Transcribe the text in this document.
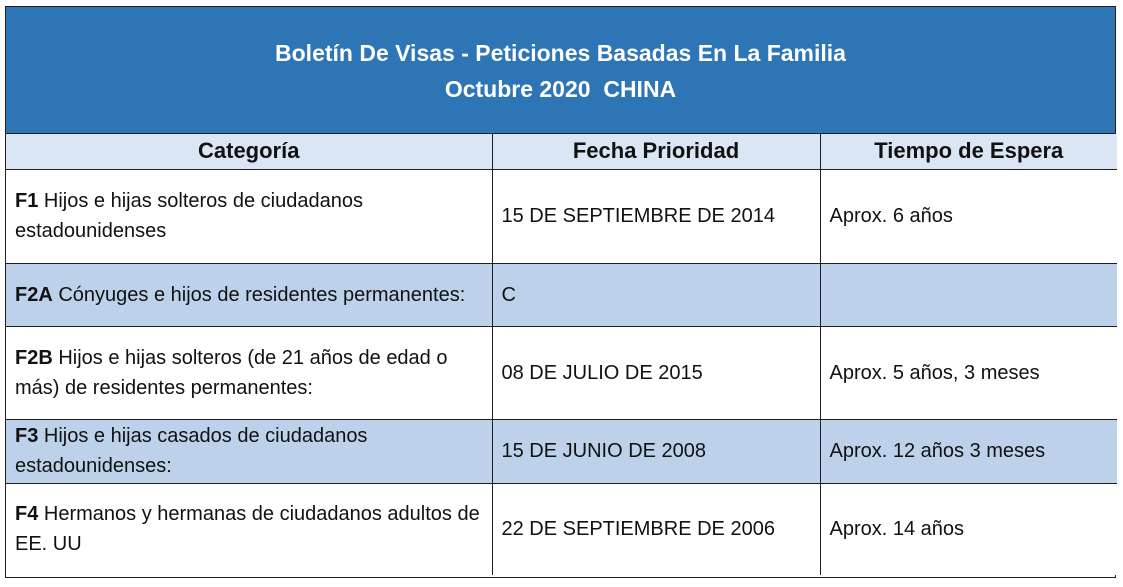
Boletín De Visas - Peticiones Basadas En La Familia
Octubre 2020  CHINA
Categoría	Fecha Prioridad	Tiempo de Espera
F1 Hijos e hijas solteros de ciudadanos estadounidenses	15 DE SEPTIEMBRE DE 2014	Aprox. 6 años
F2A Cónyuges e hijos de residentes permanentes:	C	
F2B Hijos e hijas solteros (de 21 años de edad o más) de residentes permanentes:	08 DE JULIO DE 2015	Aprox. 5 años, 3 meses
F3 Hijos e hijas casados de ciudadanos estadounidenses:	15 DE JUNIO DE 2008	Aprox. 12 años 3 meses
F4 Hermanos y hermanas de ciudadanos adultos de EE. UU	22 DE SEPTIEMBRE DE 2006	Aprox. 14 años
